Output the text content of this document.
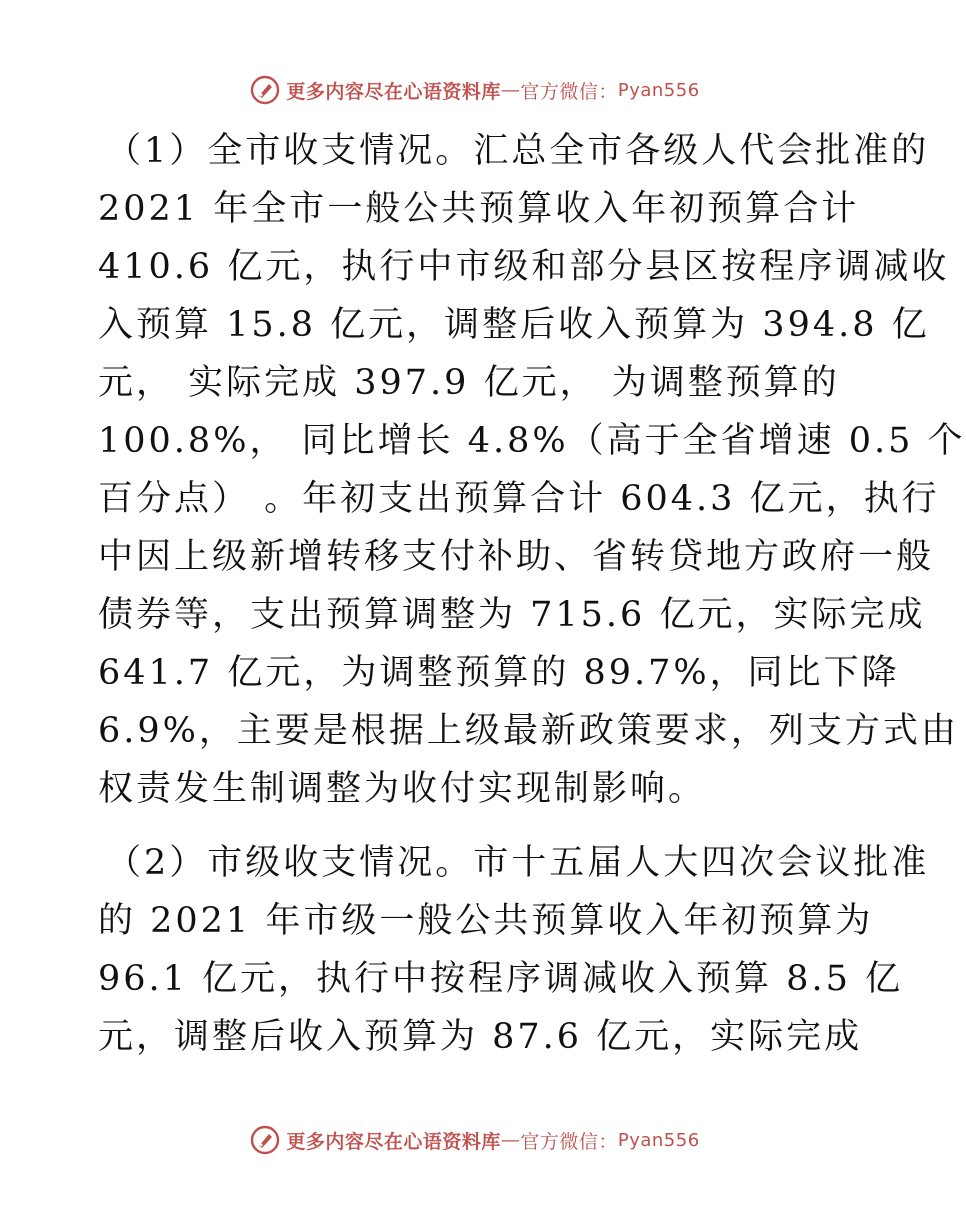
更多内容尽在心语资料库 — 官方微信： Pyan556
（1）全市收支情况。汇总全市各级人代会批准的
2021 年全市一般公共预算收入年初预算合计
410.6 亿元，执行中市级和部分县区按程序调减收
入预算 15.8 亿元，调整后收入预算为 394.8 亿
元， 实际完成 397.9 亿元， 为调整预算的
100.8%， 同比增长 4.8%（高于全省增速 0.5 个
百分点） 。年初支出预算合计 604.3 亿元，执行
中因上级新增转移支付补助、省转贷地方政府一般
债券等，支出预算调整为 715.6 亿元，实际完成
641.7 亿元，为调整预算的 89.7%，同比下降
6.9%，主要是根据上级最新政策要求，列支方式由
权责发生制调整为收付实现制影响。
（2）市级收支情况。市十五届人大四次会议批准
的 2021 年市级一般公共预算收入年初预算为
96.1 亿元，执行中按程序调减收入预算 8.5 亿
元，调整后收入预算为 87.6 亿元，实际完成
更多内容尽在心语资料库 — 官方微信： Pyan556
